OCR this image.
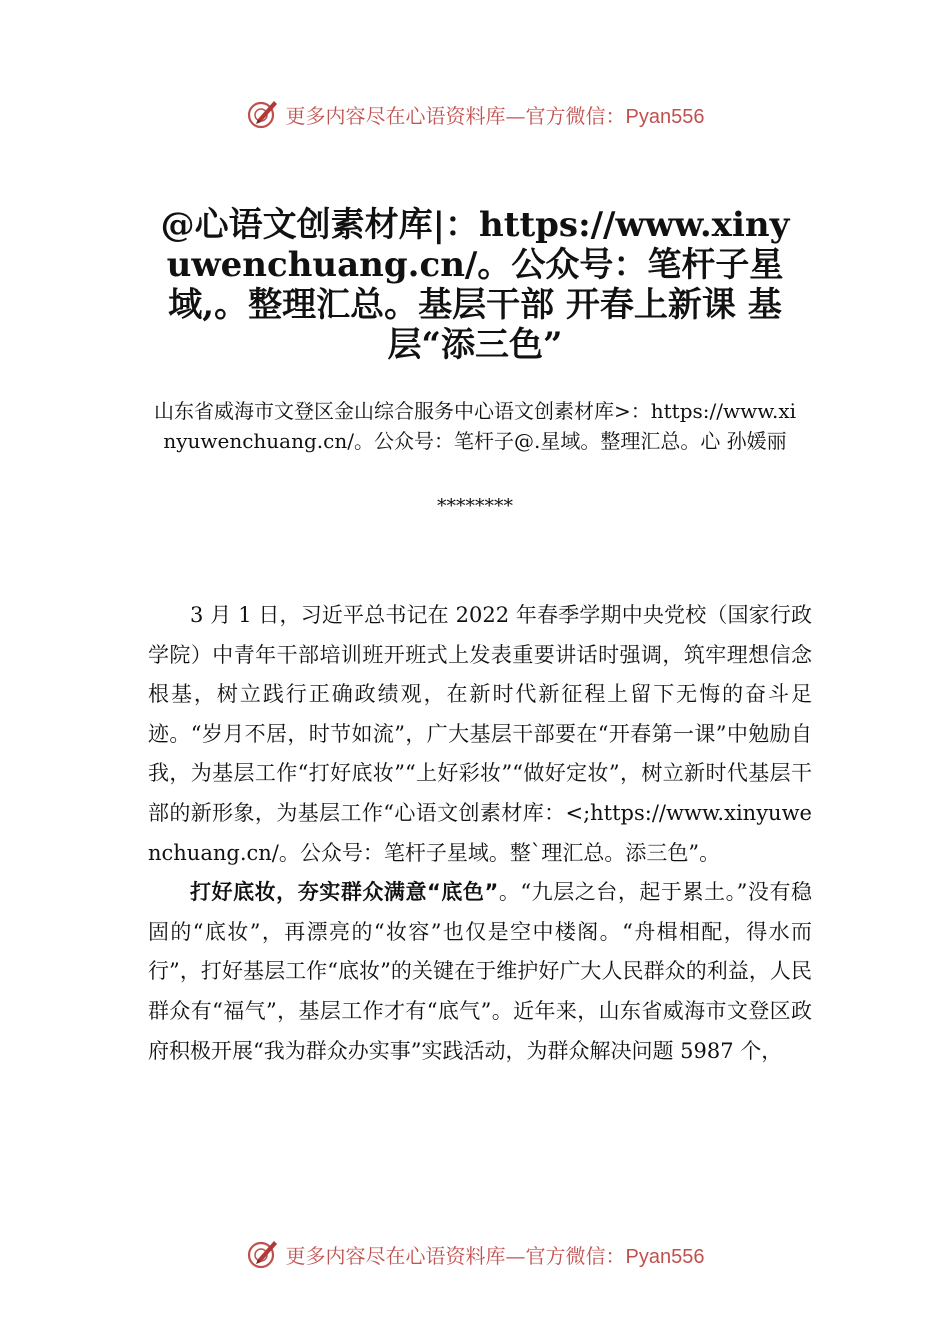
更多内容尽在心语资料库—官方微信：Pyan556
@心语文创素材库|：https://www.xinyuwenchuang.cn/。公众号：笔杆子星域,。整理汇总。基层干部 开春上新课 基层“添三色”
山东省威海市文登区金山综合服务中心语文创素材库>：https://www.xinyuwenchuang.cn/。公众号：笔杆子@.星域。整理汇总。心 孙媛丽
********

3 月 1 日，习近平总书记在 2022 年春季学期中央党校（国家行政学院）中青年干部培训班开班式上发表重要讲话时强调，筑牢理想信念根基，树立践行正确政绩观，在新时代新征程上留下无悔的奋斗足迹。“岁月不居，时节如流”，广大基层干部要在“开春第一课”中勉励自我，为基层工作“打好底妆”“上好彩妆”“做好定妆”，树立新时代基层干部的新形象，为基层工作“心语文创素材库：<;https://www.xinyuwenchuang.cn/。公众号：笔杆子星域。整`理汇总。添三色”。

打好底妆，夯实群众满意“底色”。“九层之台，起于累土。”没有稳固的“底妆”，再漂亮的“妆容”也仅是空中楼阁。“舟楫相配，得水而行”，打好基层工作“底妆”的关键在于维护好广大人民群众的利益，人民群众有“福气”，基层工作才有“底气”。近年来，山东省威海市文登区政府积极开展“我为群众办实事”实践活动，为群众解决问题 5987 个，

更多内容尽在心语资料库—官方微信：Pyan556
